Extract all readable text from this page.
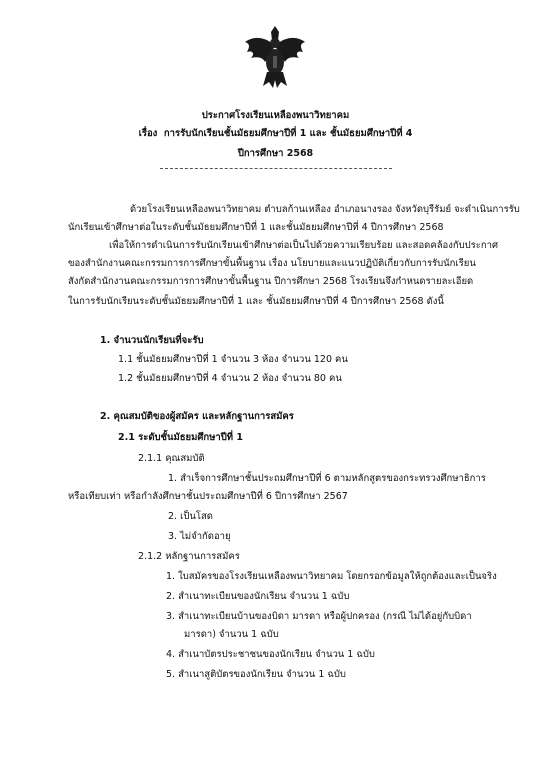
ประกาศโรงเรียนเหลืองพนาวิทยาคม
เรื่อง การรับนักเรียนชั้นมัธยมศึกษาปีที่ 1 และ ชั้นมัธยมศึกษาปีที่ 4
ปีการศึกษา 2568
ด้วยโรงเรียนเหลืองพนาวิทยาคม ตำบลก้านเหลือง อำเภอนางรอง จังหวัดบุรีรัมย์ จะดำเนินการรับ
นักเรียนเข้าศึกษาต่อในระดับชั้นมัธยมศึกษาปีที่ 1 และชั้นมัธยมศึกษาปีที่ 4 ปีการศึกษา 2568
เพื่อให้การดำเนินการรับนักเรียนเข้าศึกษาต่อเป็นไปด้วยความเรียบร้อย และสอดคล้องกับประกาศ
ของสำนักงานคณะกรรมการการศึกษาขั้นพื้นฐาน เรื่อง นโยบายและแนวปฏิบัติเกี่ยวกับการรับนักเรียน
สังกัดสำนักงานคณะกรรมการการศึกษาขั้นพื้นฐาน ปีการศึกษา 2568 โรงเรียนจึงกำหนดรายละเอียด
ในการรับนักเรียนระดับชั้นมัธยมศึกษาปีที่ 1 และ ชั้นมัธยมศึกษาปีที่ 4 ปีการศึกษา 2568 ดังนี้
1. จำนวนนักเรียนที่จะรับ
1.1 ชั้นมัธยมศึกษาปีที่ 1 จำนวน 3 ห้อง จำนวน 120 คน
1.2 ชั้นมัธยมศึกษาปีที่ 4 จำนวน 2 ห้อง จำนวน 80 คน
2. คุณสมบัติของผู้สมัคร และหลักฐานการสมัคร
2.1 ระดับชั้นมัธยมศึกษาปีที่ 1
2.1.1 คุณสมบัติ
1. สำเร็จการศึกษาชั้นประถมศึกษาปีที่ 6 ตามหลักสูตรของกระทรวงศึกษาธิการ
หรือเทียบเท่า หรือกำลังศึกษาชั้นประถมศึกษาปีที่ 6 ปีการศึกษา 2567
2. เป็นโสด
3. ไม่จำกัดอายุ
2.1.2 หลักฐานการสมัคร
1. ใบสมัครของโรงเรียนเหลืองพนาวิทยาคม โดยกรอกข้อมูลให้ถูกต้องและเป็นจริง
2. สำเนาทะเบียนของนักเรียน จำนวน 1 ฉบับ
3. สำเนาทะเบียนบ้านของบิดา มารดา หรือผู้ปกครอง (กรณี ไม่ได้อยู่กับบิดา
มารดา) จำนวน 1 ฉบับ
4. สำเนาบัตรประชาชนของนักเรียน จำนวน 1 ฉบับ
5. สำเนาสูติบัตรของนักเรียน จำนวน 1 ฉบับ
